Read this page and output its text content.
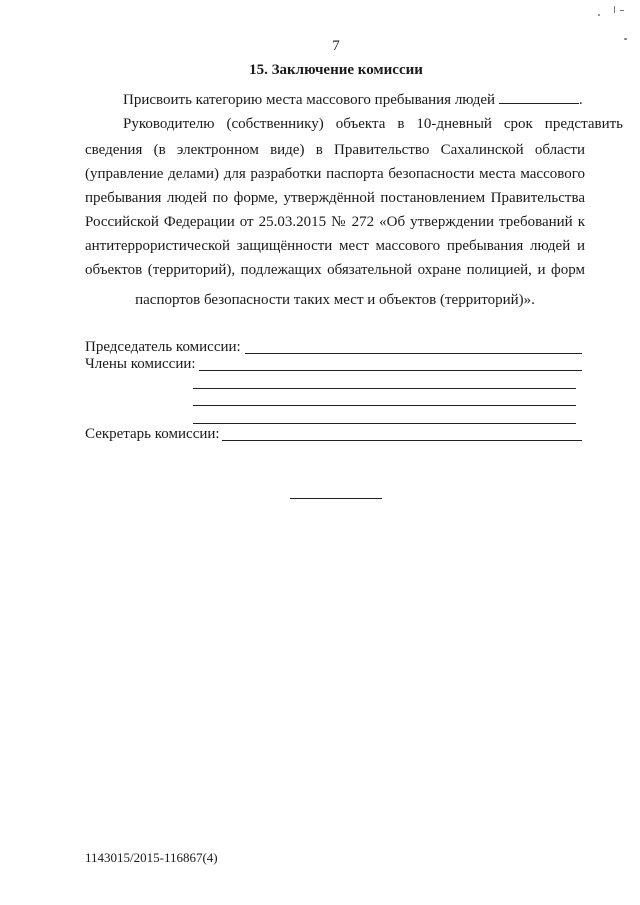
7
15. Заключение комиссии
Присвоить категорию места массового пребывания людей	.
Руководителю (собственнику) объекта в 10-дневный срок представить
сведения (в электронном виде) в Правительство Сахалинской области
(управление делами) для разработки паспорта безопасности места массового
пребывания людей по форме, утверждённой постановлением Правительства
Российской Федерации от 25.03.2015 № 272 «Об утверждении требований к
антитеррористической защищённости мест массового пребывания людей и
объектов (территорий), подлежащих обязательной охране полицией, и форм
паспортов безопасности таких мест и объектов (территорий)».
Председатель комиссии:
Члены комиссии:
Секретарь комиссии:
1143015/2015-116867(4)
